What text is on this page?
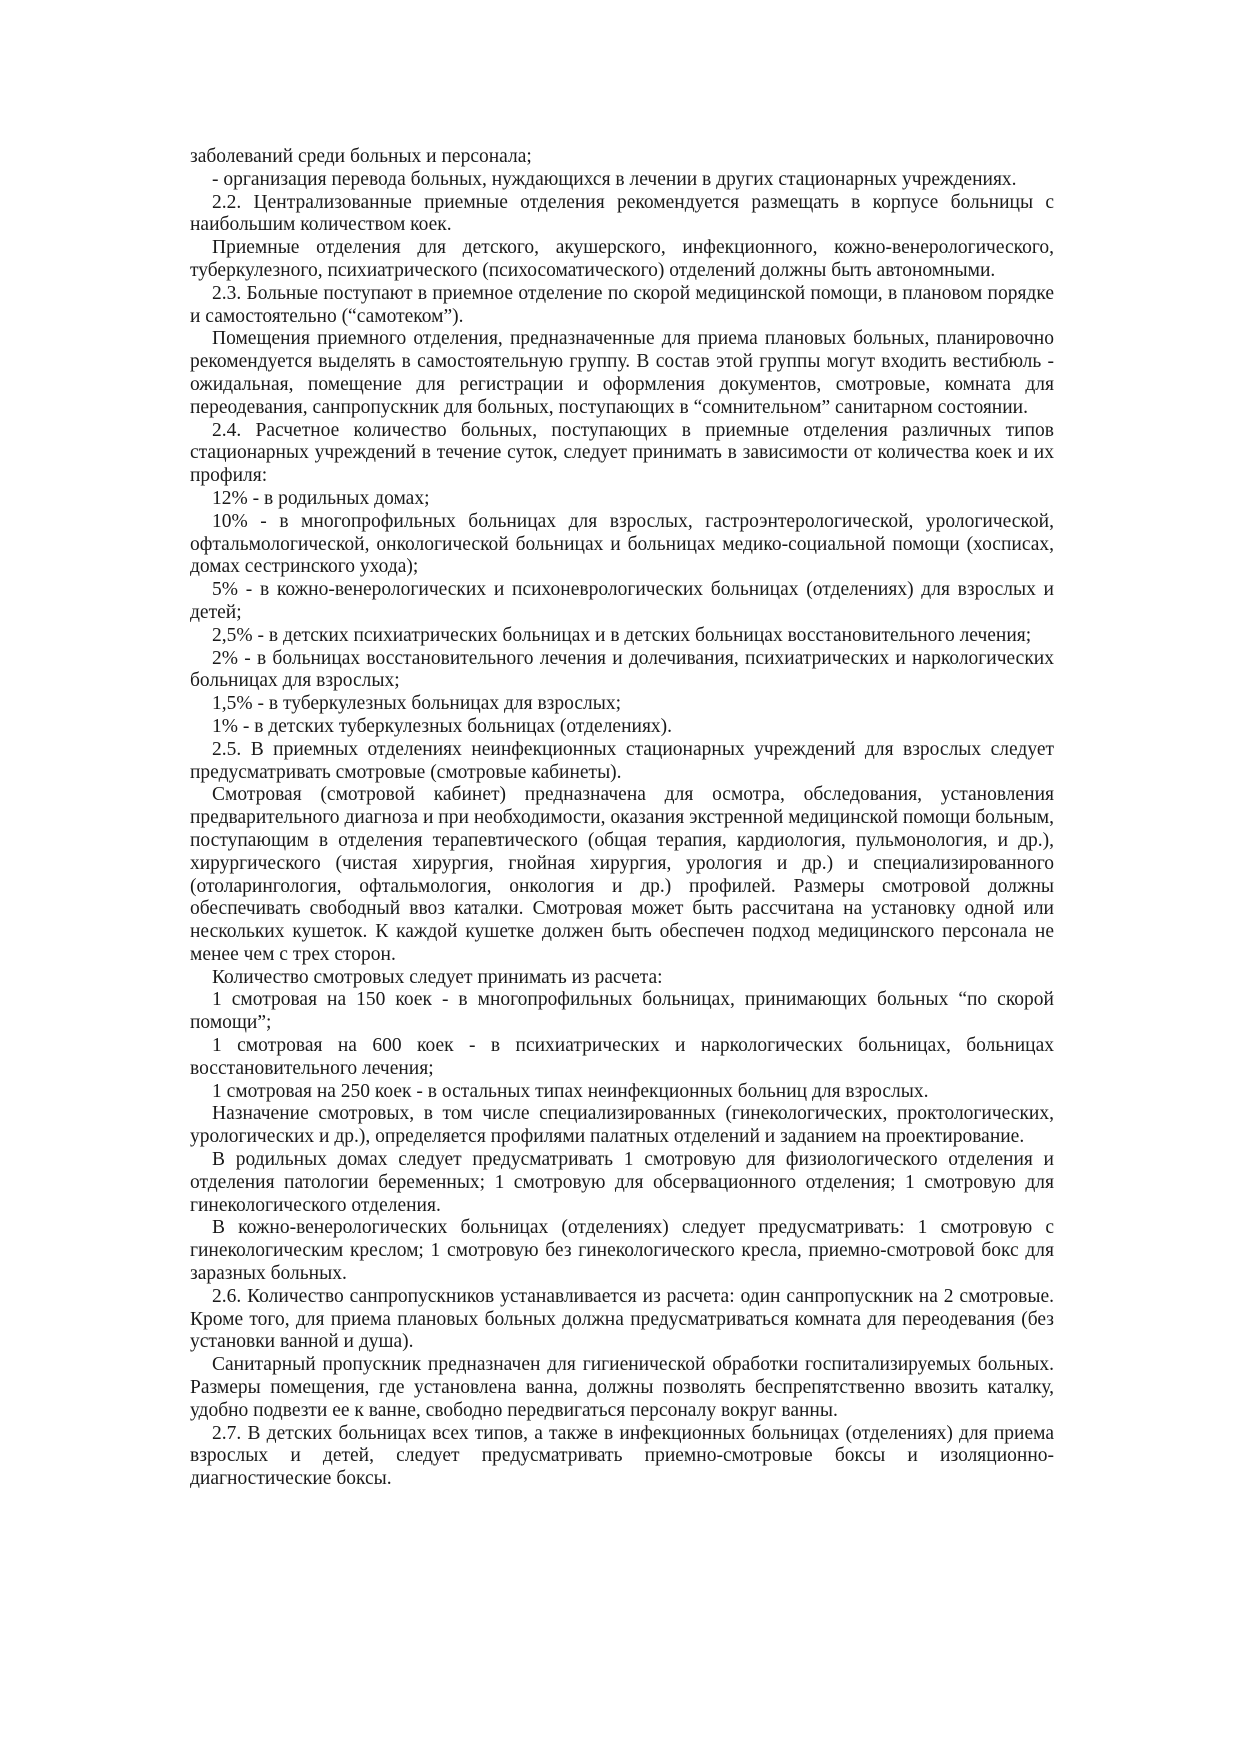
заболеваний среди больных и персонала;

- организация перевода больных, нуждающихся в лечении в других стационарных учреждениях.

2.2. Централизованные приемные отделения рекомендуется размещать в корпусе больницы с наибольшим количеством коек.

Приемные отделения для детского, акушерского, инфекционного, кожно-венерологического, туберкулезного, психиатрического (психосоматического) отделений должны быть автономными.

2.3. Больные поступают в приемное отделение по скорой медицинской помощи, в плановом порядке и самостоятельно (“самотеком”).

Помещения приемного отделения, предназначенные для приема плановых больных, планировочно рекомендуется выделять в самостоятельную группу. В состав этой группы могут входить вестибюль - ожидальная, помещение для регистрации и оформления документов, смотровые, комната для переодевания, санпропускник для больных, поступающих в “сомнительном” санитарном состоянии.

2.4. Расчетное количество больных, поступающих в приемные отделения различных типов стационарных учреждений в течение суток, следует принимать в зависимости от количества коек и их профиля:

12% - в родильных домах;

10% - в многопрофильных больницах для взрослых, гастроэнтерологической, урологической, офтальмологической, онкологической больницах и больницах медико-социальной помощи (хосписах, домах сестринского ухода);

5% - в кожно-венерологических и психоневрологических больницах (отделениях) для взрослых и детей;

2,5% - в детских психиатрических больницах и в детских больницах восстановительного лечения;

2% - в больницах восстановительного лечения и долечивания, психиатрических и наркологических больницах для взрослых;

1,5% - в туберкулезных больницах для взрослых;

1% - в детских туберкулезных больницах (отделениях).

2.5. В приемных отделениях неинфекционных стационарных учреждений для взрослых следует предусматривать смотровые (смотровые кабинеты).

Смотровая (смотровой кабинет) предназначена для осмотра, обследования, установления предварительного диагноза и при необходимости, оказания экстренной медицинской помощи больным, поступающим в отделения терапевтического (общая терапия, кардиология, пульмонология, и др.), хирургического (чистая хирургия, гнойная хирургия, урология и др.) и специализированного (отоларингология, офтальмология, онкология и др.) профилей. Размеры смотровой должны обеспечивать свободный ввоз каталки. Смотровая может быть рассчитана на установку одной или нескольких кушеток. К каждой кушетке должен быть обеспечен подход медицинского персонала не менее чем с трех сторон.

Количество смотровых следует принимать из расчета:

1 смотровая на 150 коек - в многопрофильных больницах, принимающих больных “по скорой помощи”;

1 смотровая на 600 коек - в психиатрических и наркологических больницах, больницах восстановительного лечения;

1 смотровая на 250 коек - в остальных типах неинфекционных больниц для взрослых.

Назначение смотровых, в том числе специализированных (гинекологических, проктологических, урологических и др.), определяется профилями палатных отделений и заданием на проектирование.

В родильных домах следует предусматривать 1 смотровую для физиологического отделения и отделения патологии беременных; 1 смотровую для обсервационного отделения; 1 смотровую для гинекологического отделения.

В кожно-венерологических больницах (отделениях) следует предусматривать: 1 смотровую с гинекологическим креслом; 1 смотровую без гинекологического кресла, приемно-смотровой бокс для заразных больных.

2.6. Количество санпропускников устанавливается из расчета: один санпропускник на 2 смотровые. Кроме того, для приема плановых больных должна предусматриваться комната для переодевания (без установки ванной и душа).

Санитарный пропускник предназначен для гигиенической обработки госпитализируемых больных. Размеры помещения, где установлена ванна, должны позволять беспрепятственно ввозить каталку, удобно подвезти ее к ванне, свободно передвигаться персоналу вокруг ванны.

2.7. В детских больницах всех типов, а также в инфекционных больницах (отделениях) для приема взрослых и детей, следует предусматривать приемно-смотровые боксы и изоляционно-диагностические боксы.
